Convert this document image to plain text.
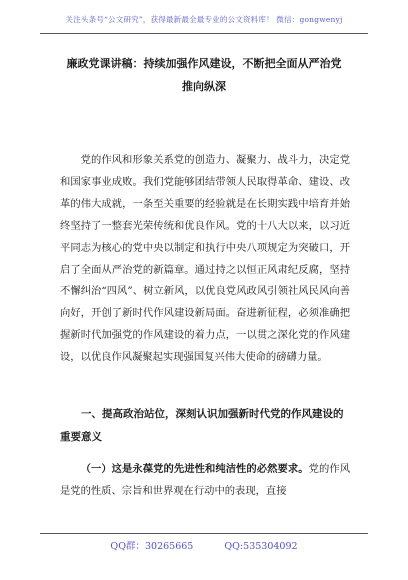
关注头条号“公文研究”，获得最新最全最专业的公文资料库！ 微信：gongwenyj
廉政党课讲稿：持续加强作风建设，不断把全面从严治党
推向纵深

党的作风和形象关系党的创造力、凝聚力、战斗力，决定党和国家事业成败。我们党能够团结带领人民取得革命、建设、改革的伟大成就，一条至关重要的经验就是在长期实践中培育并始终坚持了一整套光荣传统和优良作风。党的十八大以来，以习近平同志为核心的党中央以制定和执行中央八项规定为突破口，开启了全面从严治党的新篇章。通过持之以恒正风肃纪反腐，坚持不懈纠治“四风”、树立新风，以优良党风政风引领社风民风向善向好，开创了新时代作风建设新局面。奋进新征程，必须准确把握新时代加强党的作风建设的着力点，一以贯之深化党的作风建设，以优良作风凝聚起实现强国复兴伟大使命的磅礴力量。

一、提高政治站位，深刻认识加强新时代党的作风建设的重要意义

（一）这是永葆党的先进性和纯洁性的必然要求。党的作风是党的性质、宗旨和世界观在行动中的表现，直接

QQ群：30265665	QQ:535304092
